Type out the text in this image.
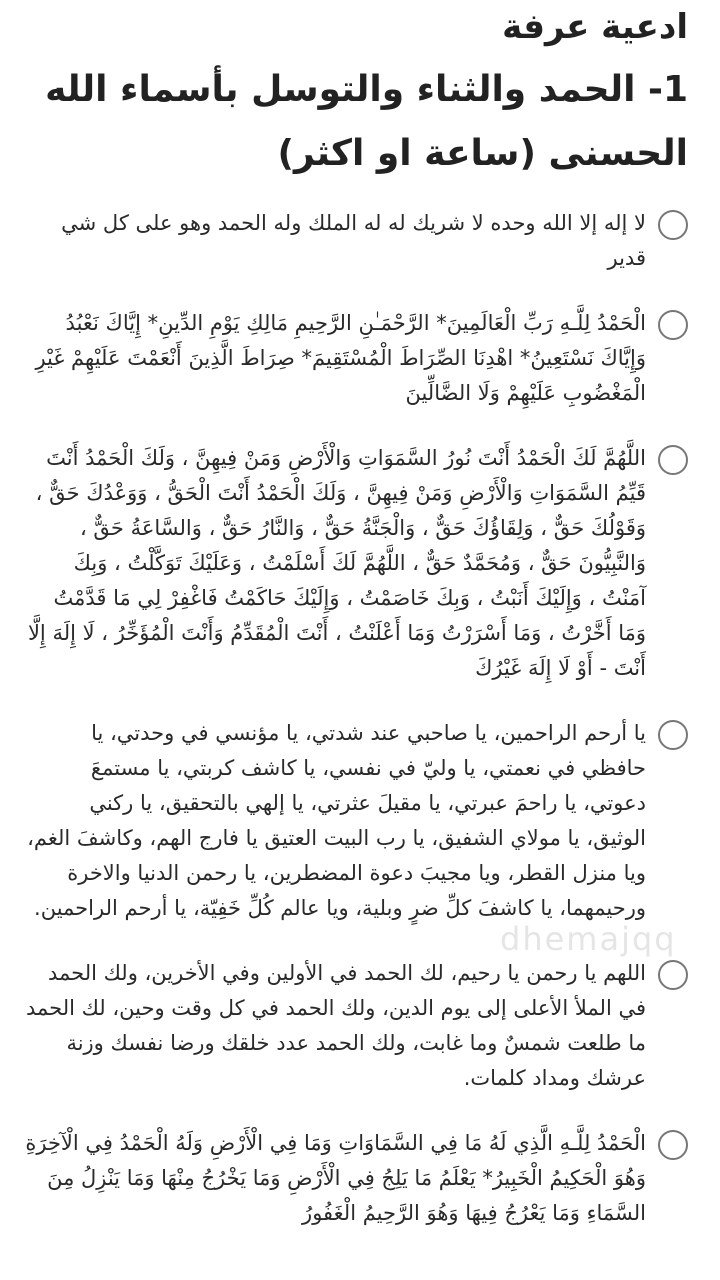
ادعية عرفة
1- الحمد والثناء والتوسل بأسماء الله الحسنى (ساعة او اكثر)
لا إله إلا الله وحده لا شريك له له الملك وله الحمد وهو على كل شي قدير
الْحَمْدُ لِلَّـهِ رَبِّ الْعَالَمِينَ* الرَّحْمَـٰنِ الرَّحِيمِ مَالِكِ يَوْمِ الدِّينِ* إِيَّاكَ نَعْبُدُ وَإِيَّاكَ نَسْتَعِينُ* اهْدِنَا الصِّرَاطَ الْمُسْتَقِيمَ* صِرَاطَ الَّذِينَ أَنْعَمْتَ عَلَيْهِمْ غَيْرِ الْمَغْضُوبِ عَلَيْهِمْ وَلَا الضَّالِّينَ
اللَّهُمَّ لَكَ الْحَمْدُ أَنْتَ نُورُ السَّمَوَاتِ وَالْأَرْضِ وَمَنْ فِيهِنَّ ، وَلَكَ الْحَمْدُ أَنْتَ قَيِّمُ السَّمَوَاتِ وَالْأَرْضِ وَمَنْ فِيهِنَّ ، وَلَكَ الْحَمْدُ أَنْتَ الْحَقُّ ، وَوَعْدُكَ حَقٌّ ، وَقَوْلُكَ حَقٌّ ، وَلِقَاؤُكَ حَقٌّ ، وَالْجَنَّةُ حَقٌّ ، وَالنَّارُ حَقٌّ ، وَالسَّاعَةُ حَقٌّ ، وَالنَّبِيُّونَ حَقٌّ ، وَمُحَمَّدٌ حَقٌّ ، اللَّهُمَّ لَكَ أَسْلَمْتُ ، وَعَلَيْكَ تَوَكَّلْتُ ، وَبِكَ آمَنْتُ ، وَإِلَيْكَ أَنَبْتُ ، وَبِكَ خَاصَمْتُ ، وَإِلَيْكَ حَاكَمْتُ فَاغْفِرْ لِي مَا قَدَّمْتُ وَمَا أَخَّرْتُ ، وَمَا أَسْرَرْتُ وَمَا أَعْلَنْتُ ، أَنْتَ الْمُقَدِّمُ وَأَنْتَ الْمُؤَخِّرُ ، لَا إِلَهَ إِلَّا أَنْتَ - أَوْ لَا إِلَهَ غَيْرُكَ
يا أرحم الراحمين، يا صاحبي عند شدتي، يا مؤنسي في وحدتي، يا حافظي في نعمتي، يا وليّ في نفسي، يا كاشف كربتي، يا مستمعَ دعوتي، يا راحمَ عبرتي، يا مقيلَ عثرتي، يا إلهي بالتحقيق، يا ركني الوثيق، يا مولاي الشفيق، يا رب البيت العتيق يا فارج الهم، وكاشفَ الغم، ويا منزل القطر، ويا مجيبَ دعوة المضطرين، يا رحمن الدنيا والاخرة ورحيمهما، يا كاشفَ كلِّ ضرٍ وبلية، ويا عالم كُلِّ خَفِيّة، يا أرحم الراحمين.
اللهم يا رحمن يا رحيم، لك الحمد في الأولين وفي الأخرين، ولك الحمد في الملأ الأعلى إلى يوم الدين، ولك الحمد في كل وقت وحين، لك الحمد ما طلعت شمسٌ وما غابت، ولك الحمد عدد خلقك ورضا نفسك وزنة عرشك ومداد كلمات.
الْحَمْدُ لِلَّـهِ الَّذِي لَهُ مَا فِي السَّمَاوَاتِ وَمَا فِي الْأَرْضِ وَلَهُ الْحَمْدُ فِي الْآخِرَةِ وَهُوَ الْحَكِيمُ الْخَبِيرُ* يَعْلَمُ مَا يَلِجُ فِي الْأَرْضِ وَمَا يَخْرُجُ مِنْهَا وَمَا يَنْزِلُ مِنَ السَّمَاءِ وَمَا يَعْرُجُ فِيهَا وَهُوَ الرَّحِيمُ الْغَفُورُ
dhemajqq
